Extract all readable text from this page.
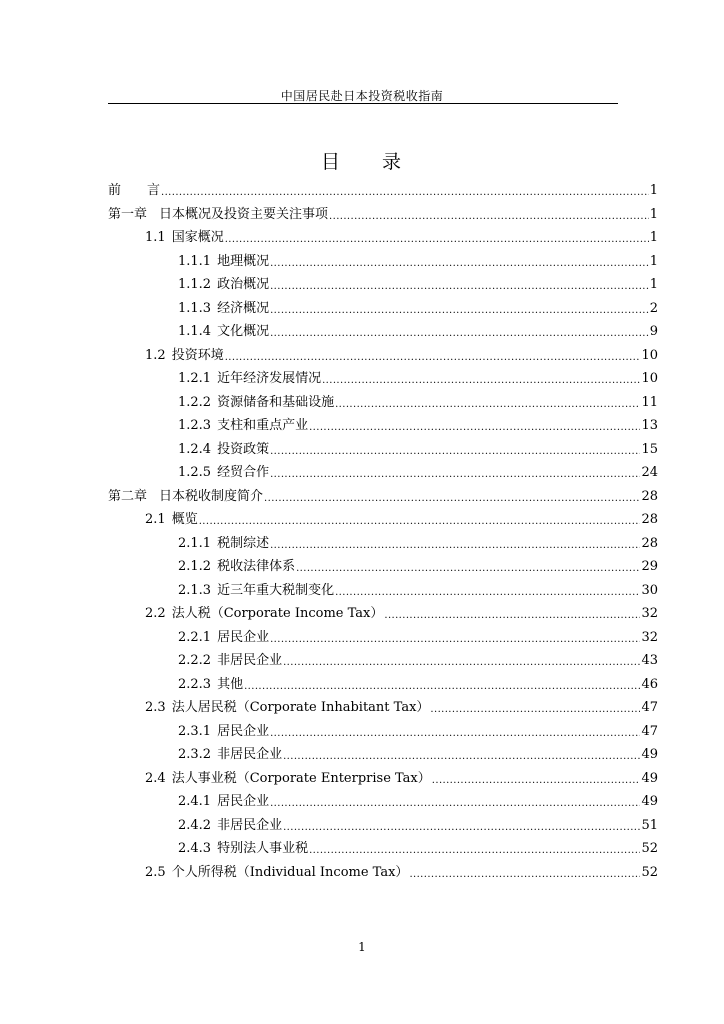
中国居民赴日本投资税收指南
目 录
前　　言 .....	1
第一章 日本概况及投资主要关注事项 .....	1
1.1 国家概况 .....	1
1.1.1 地理概况 .....	1
1.1.2 政治概况 .....	1
1.1.3 经济概况 .....	2
1.1.4 文化概况 .....	9
1.2 投资环境 .....	10
1.2.1 近年经济发展情况 .....	10
1.2.2 资源储备和基础设施 .....	11
1.2.3 支柱和重点产业 .....	13
1.2.4 投资政策 .....	15
1.2.5 经贸合作 .....	24
第二章 日本税收制度简介 .....	28
2.1 概览 .....	28
2.1.1 税制综述 .....	28
2.1.2 税收法律体系 .....	29
2.1.3 近三年重大税制变化 .....	30
2.2 法人税（Corporate Income Tax） .....	32
2.2.1 居民企业 .....	32
2.2.2 非居民企业 .....	43
2.2.3 其他 .....	46
2.3 法人居民税（Corporate Inhabitant Tax） .....	47
2.3.1 居民企业 .....	47
2.3.2 非居民企业 .....	49
2.4 法人事业税（Corporate Enterprise Tax） .....	49
2.4.1 居民企业 .....	49
2.4.2 非居民企业 .....	51
2.4.3 特别法人事业税 .....	52
2.5 个人所得税（Individual Income Tax） .....	52
1
